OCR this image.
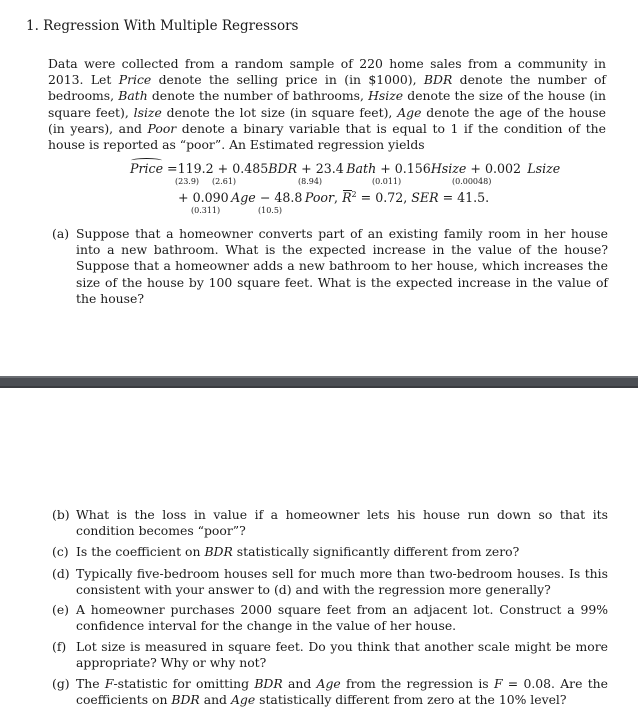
1. Regression With Multiple Regressors
Data were collected from a random sample of 220 home sales from a community in 2013. Let Price denote the selling price in (in $1000), BDR denote the number of bedrooms, Bath denote the number of bathrooms, Hsize denote the size of the house (in square feet), lsize denote the lot size (in square feet), Age denote the age of the house (in years), and Poor denote a binary variable that is equal to 1 if the condition of the house is reported as “poor”. An Estimated regression yields
Price =119.2 + 0.485BDR + 23.4  Bath + 0.156Hsize + 0.002  Lsize
(23.9) (2.61)	(8.94)	(0.011)	(0.00048)
+ 0.090  Age − 48.8  Poor, $R^2 = 0.72$, SER = 41.5.
(0.311)	(10.5)
(a) Suppose that a homeowner converts part of an existing family room in her house into a new bathroom. What is the expected increase in the value of the house? Suppose that a homeowner adds a new bathroom to her house, which increases the size of the house by 100 square feet. What is the expected increase in the value of the house?
(b) What is the loss in value if a homeowner lets his house run down so that its condition becomes “poor”?
(c) Is the coefficient on BDR statistically significantly different from zero?
(d) Typically five-bedroom houses sell for much more than two-bedroom houses. Is this consistent with your answer to (d) and with the regression more generally?
(e) A homeowner purchases 2000 square feet from an adjacent lot. Construct a 99% confidence interval for the change in the value of her house.
(f) Lot size is measured in square feet. Do you think that another scale might be more appropriate? Why or why not?
(g) The F-statistic for omitting BDR and Age from the regression is F = 0.08. Are the coefficients on BDR and Age statistically different from zero at the 10% level?
